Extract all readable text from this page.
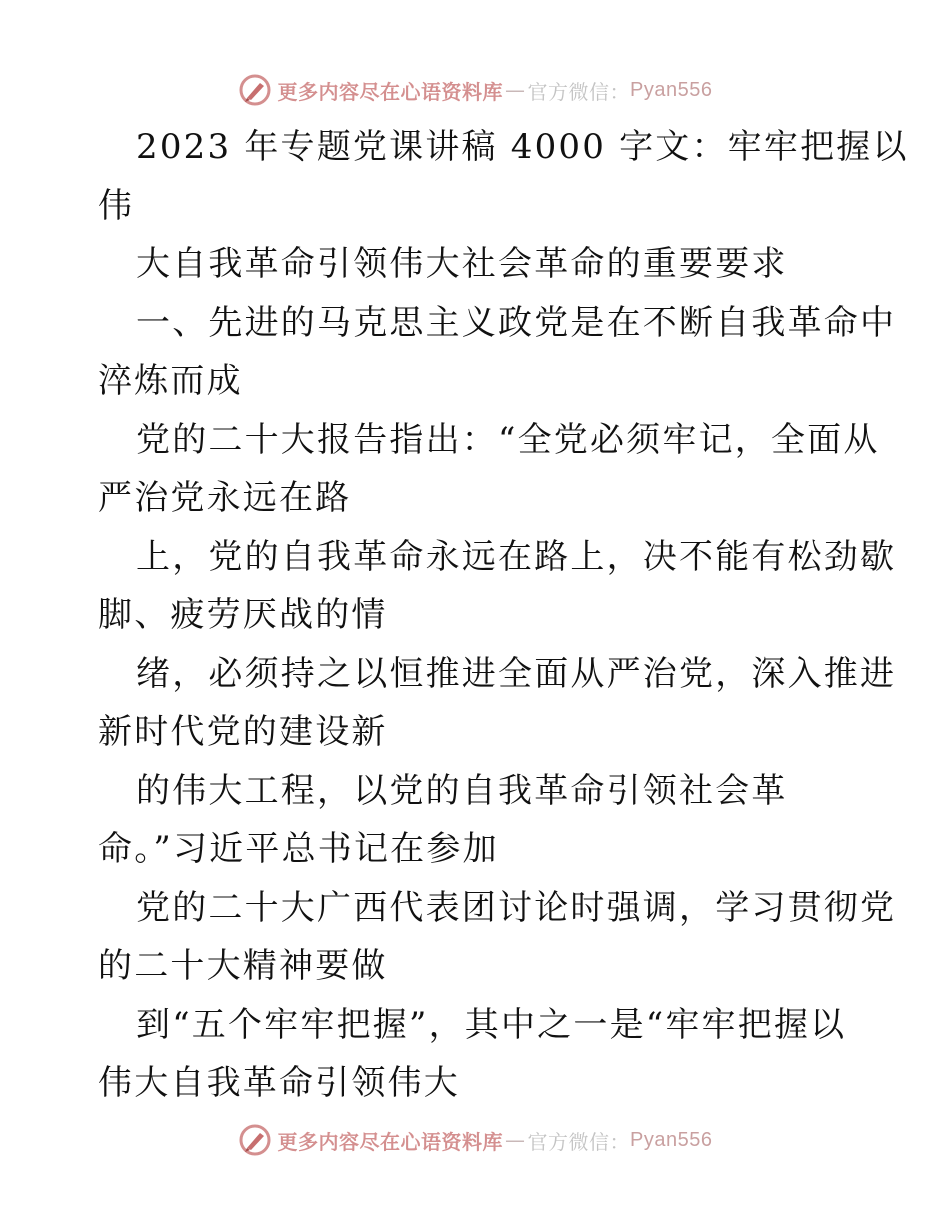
更多内容尽在心语资料库 — 官方微信： Pyan556
2023 年专题党课讲稿 4000 字文：牢牢把握以
伟
大自我革命引领伟大社会革命的重要要求
一、先进的马克思主义政党是在不断自我革命中
淬炼而成
党的二十大报告指出：“全党必须牢记，全面从
严治党永远在路
上，党的自我革命永远在路上，决不能有松劲歇
脚、疲劳厌战的情
绪，必须持之以恒推进全面从严治党，深入推进
新时代党的建设新
的伟大工程，以党的自我革命引领社会革
命。”习近平总书记在参加
党的二十大广西代表团讨论时强调，学习贯彻党
的二十大精神要做
到“五个牢牢把握”，其中之一是“牢牢把握以
伟大自我革命引领伟大
更多内容尽在心语资料库 — 官方微信： Pyan556
